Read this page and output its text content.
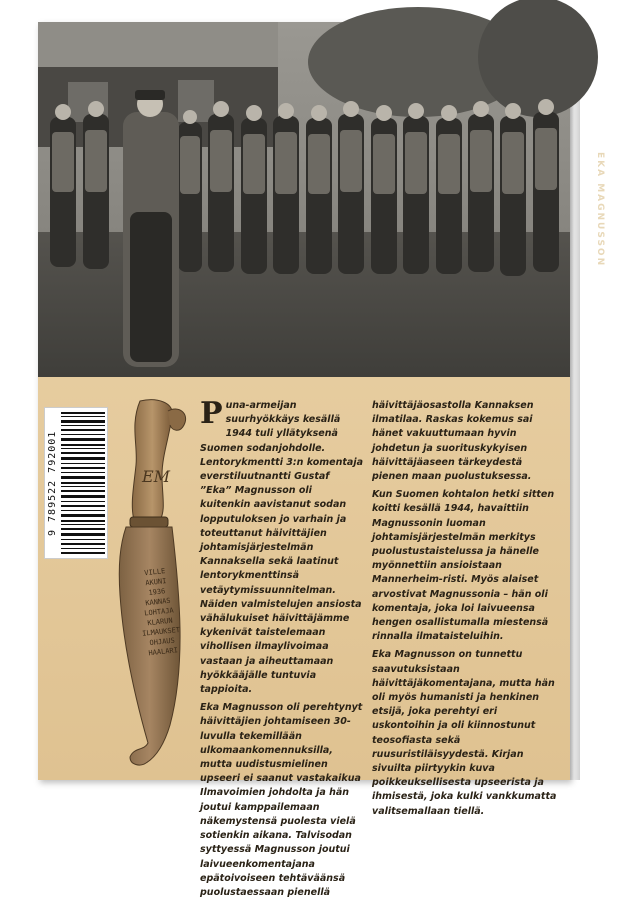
EKA MAGNUSSON
9 789522 792001
VILLE
AKUNI
1936
KANNAS
LOHTAJA
KLARUN
ILMAUKSET
OHJAUS
HAALARI
EM

Puna-armeijan suurhyökkäys kesällä 1944 tuli yllätyksenä Suomen sodanjohdolle. Lentorykmentti 3:n komentaja everstiluutnantti Gustaf ”Eka” Magnusson oli kuitenkin aavistanut sodan lopputuloksen jo varhain ja toteuttanut häivittäjien johtamisjärjestelmän Kannaksella sekä laatinut lentorykmenttinsä vetäytymissuunnitelman. Näiden valmistelujen ansiosta vähälukuiset häivittäjämme kykenivät taistelemaan vihollisen ilmaylivoimaa vastaan ja aiheuttamaan hyökkääjälle tuntuvia tappioita.

Eka Magnusson oli perehtynyt häivittäjien johtamiseen 30-luvulla tekemillään ulkomaankomennuksilla, mutta uudistusmielinen upseeri ei saanut vastakaikua Ilmavoimien johdolta ja hän joutui kamppailemaan näkemystensä puolesta vielä sotienkin aikana. Talvisodan syttyessä Magnusson joutui laivueenkomentajana epätoivoiseen tehtäväänsä puolustaessaan pienellä

häivittäjäosastolla Kannaksen ilmatilaa. Raskas kokemus sai hänet vakuuttumaan hyvin johdetun ja suorituskykyisen häivittäjäaseen tärkeydestä pienen maan puolustuksessa.

Kun Suomen kohtalon hetki sitten koitti kesällä 1944, havaittiin Magnussonin luoman johtamisjärjestelmän merkitys puolustustaistelussa ja hänelle myönnettiin ansioistaan Mannerheim-risti. Myös alaiset arvostivat Magnussonia – hän oli komentaja, joka loi laivueensa hengen osallistumalla miestensä rinnalla ilmataisteluihin.

Eka Magnusson on tunnettu saavutuksistaan häivittäjäkomentajana, mutta hän oli myös humanisti ja henkinen etsijä, joka perehtyi eri uskontoihin ja oli kiinnostunut teosofiasta sekä ruusuristiläisyydestä. Kirjan sivuilta piirtyykin kuva poikkeuksellisesta upseerista ja ihmisestä, joka kulki vankkumatta valitsemallaan tiellä.
